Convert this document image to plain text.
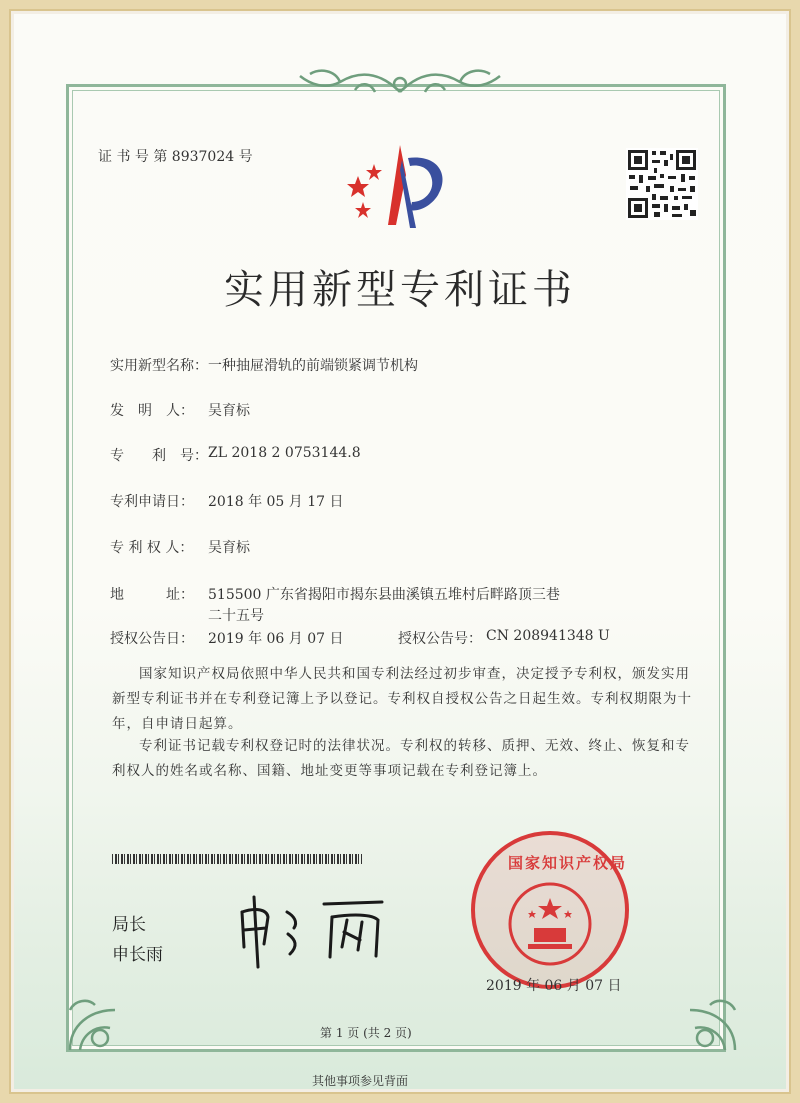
证 书 号 第 8937024 号
实用新型专利证书
实用新型名称： 一种抽屉滑轨的前端锁紧调节机构
发　明　人： 吴育标
专　　利　号： ZL 2018 2 0753144.8
专利申请日： 2018 年 05 月 17 日
专 利 权 人： 吴育标
地　　　址： 515500 广东省揭阳市揭东县曲溪镇五堆村后畔路顶三巷
二十五号
授权公告日： 2019 年 06 月 07 日	授权公告号： CN 208941348 U
国家知识产权局依照中华人民共和国专利法经过初步审查，决定授予专利权，颁发实用新型专利证书并在专利登记簿上予以登记。专利权自授权公告之日起生效。专利权期限为十年，自申请日起算。
专利证书记载专利权登记时的法律状况。专利权的转移、质押、无效、终止、恢复和专利权人的姓名或名称、国籍、地址变更等事项记载在专利登记簿上。
局长
申长雨
国家知识产权局
2019 年 06 月 07 日
第 1 页 (共 2 页)
其他事项参见背面
